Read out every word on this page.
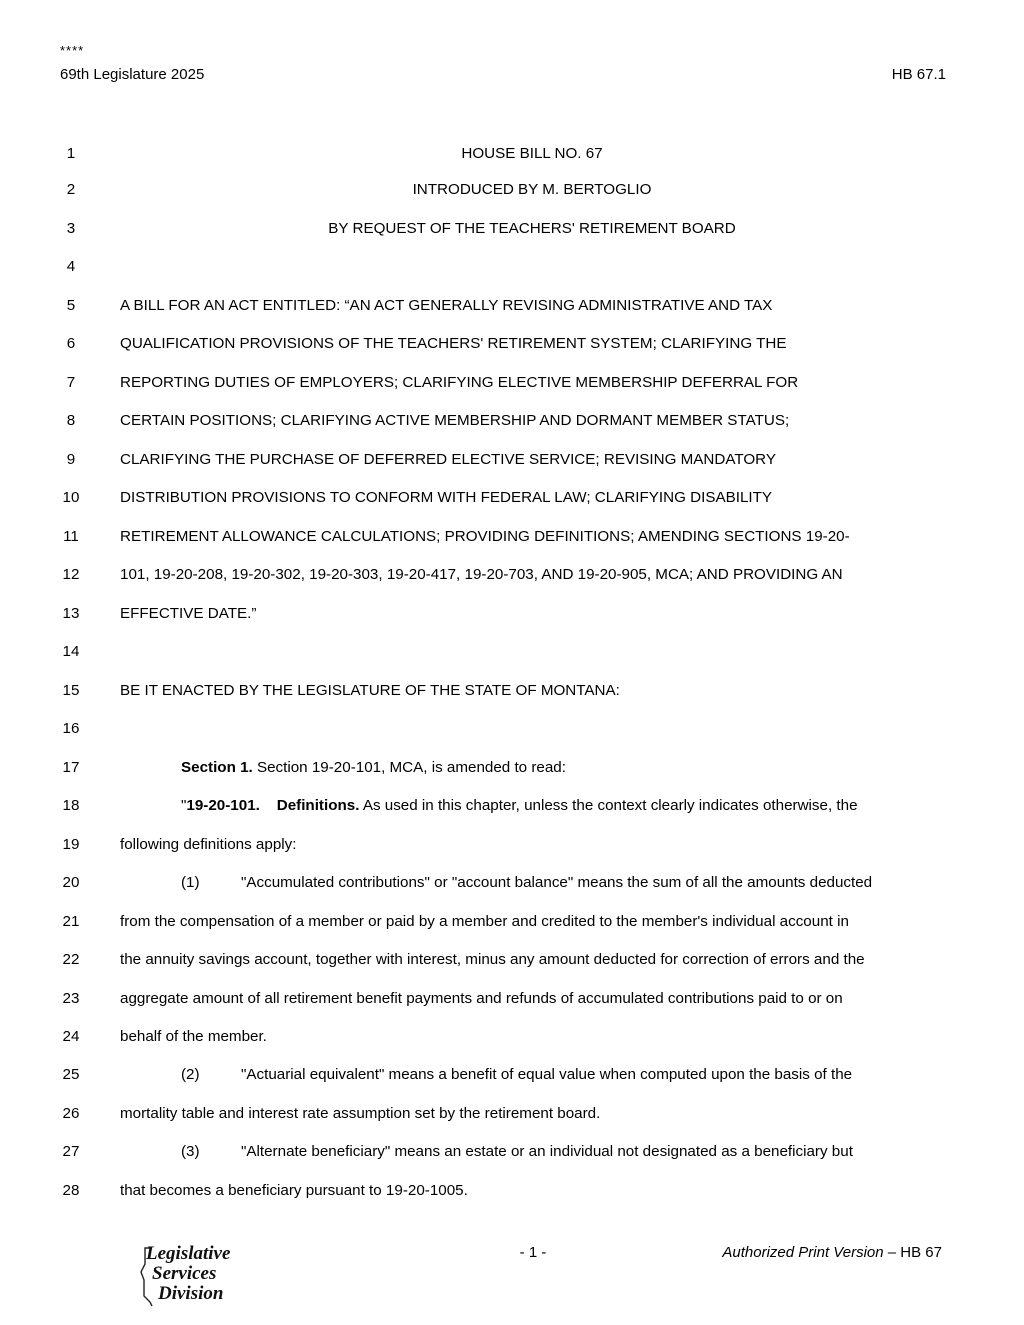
****
69th Legislature 2025	HB 67.1
1	HOUSE BILL NO. 67
2	INTRODUCED BY M. BERTOGLIO
3	BY REQUEST OF THE TEACHERS' RETIREMENT BOARD
4
5	A BILL FOR AN ACT ENTITLED: “AN ACT GENERALLY REVISING ADMINISTRATIVE AND TAX
6	QUALIFICATION PROVISIONS OF THE TEACHERS' RETIREMENT SYSTEM; CLARIFYING THE
7	REPORTING DUTIES OF EMPLOYERS; CLARIFYING ELECTIVE MEMBERSHIP DEFERRAL FOR
8	CERTAIN POSITIONS; CLARIFYING ACTIVE MEMBERSHIP AND DORMANT MEMBER STATUS;
9	CLARIFYING THE PURCHASE OF DEFERRED ELECTIVE SERVICE; REVISING MANDATORY
10	DISTRIBUTION PROVISIONS TO CONFORM WITH FEDERAL LAW; CLARIFYING DISABILITY
11	RETIREMENT ALLOWANCE CALCULATIONS; PROVIDING DEFINITIONS; AMENDING SECTIONS 19-20-
12	101, 19-20-208, 19-20-302, 19-20-303, 19-20-417, 19-20-703, AND 19-20-905, MCA; AND PROVIDING AN
13	EFFECTIVE DATE.”
14
15	BE IT ENACTED BY THE LEGISLATURE OF THE STATE OF MONTANA:
16
17	Section 1. Section 19-20-101, MCA, is amended to read:
18	"19-20-101.    Definitions. As used in this chapter, unless the context clearly indicates otherwise, the
19	following definitions apply:
20	(1)	"Accumulated contributions" or "account balance" means the sum of all the amounts deducted
21	from the compensation of a member or paid by a member and credited to the member's individual account in
22	the annuity savings account, together with interest, minus any amount deducted for correction of errors and the
23	aggregate amount of all retirement benefit payments and refunds of accumulated contributions paid to or on
24	behalf of the member.
25	(2)	"Actuarial equivalent" means a benefit of equal value when computed upon the basis of the
26	mortality table and interest rate assumption set by the retirement board.
27	(3)	"Alternate beneficiary" means an estate or an individual not designated as a beneficiary but
28	that becomes a beneficiary pursuant to 19-20-1005.
Legislative
Services
Division
- 1 -	Authorized Print Version – HB 67
